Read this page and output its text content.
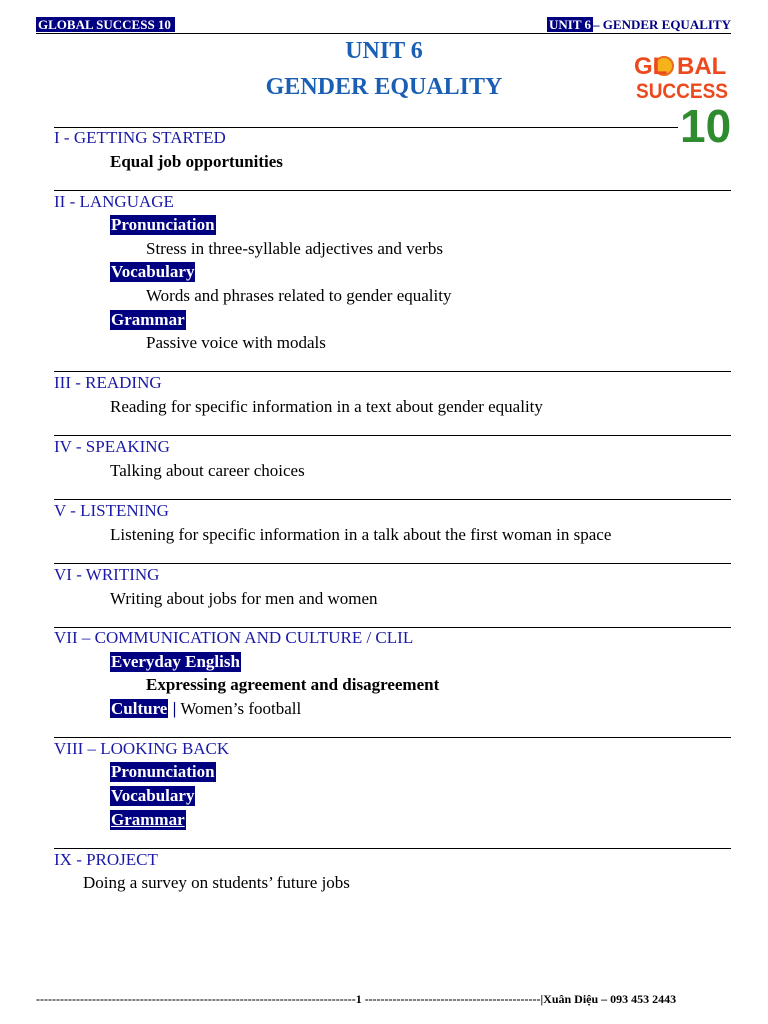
GLOBAL SUCCESS 10	UNIT 6 – GENDER EQUALITY
UNIT 6
GENDER EQUALITY
GL BAL
SUCCESS
10
I - GETTING STARTED
Equal job opportunities
II - LANGUAGE
Pronunciation
Stress in three-syllable adjectives and verbs
Vocabulary
Words and phrases related to gender equality
Grammar
Passive voice with modals
III - READING
Reading for specific information in a text about gender equality
IV - SPEAKING
Talking about career choices
V - LISTENING
Listening for specific information in a talk about the first woman in space
VI - WRITING
Writing about jobs for men and women
VII – COMMUNICATION AND CULTURE / CLIL
Everyday English
Expressing agreement and disagreement
Culture | Women’s football
VIII – LOOKING BACK
Pronunciation
Vocabulary
Grammar
IX - PROJECT
Doing a survey on students’ future jobs
--------------------------------------------------------------------------------1 --------------------------------------------|Xuân Diệu – 093 453 2443
